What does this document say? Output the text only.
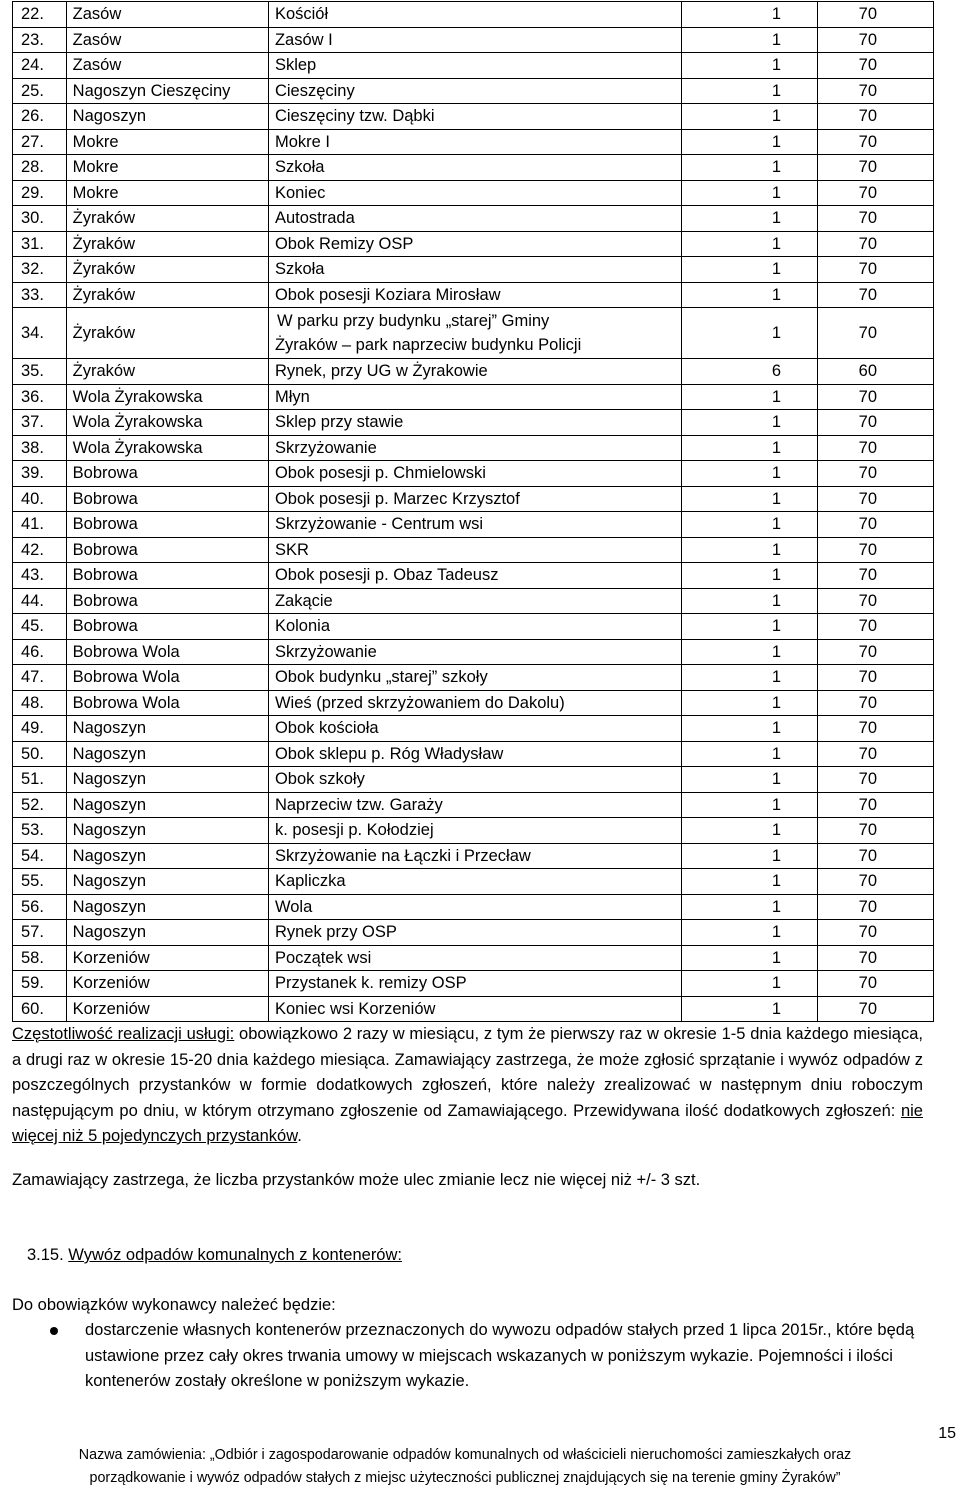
22.	Zasów	Kościół	1	70
23.	Zasów	Zasów I	1	70
24.	Zasów	Sklep	1	70
25.	Nagoszyn Cieszęciny	Cieszęciny	1	70
26.	Nagoszyn	Cieszęciny tzw. Dąbki	1	70
27.	Mokre	Mokre I	1	70
28.	Mokre	Szkoła	1	70
29.	Mokre	Koniec	1	70
30.	Żyraków	Autostrada	1	70
31.	Żyraków	Obok Remizy OSP	1	70
32.	Żyraków	Szkoła	1	70
33.	Żyraków	Obok posesji Koziara Mirosław	1	70
34.	Żyraków	W parku przy budynku „starej” Gminy
Żyraków – park naprzeciw budynku Policji	1	70
35.	Żyraków	Rynek, przy UG w Żyrakowie	6	60
36.	Wola Żyrakowska	Młyn	1	70
37.	Wola Żyrakowska	Sklep przy stawie	1	70
38.	Wola Żyrakowska	Skrzyżowanie	1	70
39.	Bobrowa	Obok posesji p. Chmielowski	1	70
40.	Bobrowa	Obok posesji p. Marzec Krzysztof	1	70
41.	Bobrowa	Skrzyżowanie - Centrum wsi	1	70
42.	Bobrowa	SKR	1	70
43.	Bobrowa	Obok posesji p. Obaz Tadeusz	1	70
44.	Bobrowa	Zakącie	1	70
45.	Bobrowa	Kolonia	1	70
46.	Bobrowa Wola	Skrzyżowanie	1	70
47.	Bobrowa Wola	Obok budynku „starej” szkoły	1	70
48.	Bobrowa Wola	Wieś (przed skrzyżowaniem do Dakolu)	1	70
49.	Nagoszyn	Obok kościoła	1	70
50.	Nagoszyn	Obok sklepu p. Róg Władysław	1	70
51.	Nagoszyn	Obok szkoły	1	70
52.	Nagoszyn	Naprzeciw tzw. Garaży	1	70
53.	Nagoszyn	k. posesji p. Kołodziej	1	70
54.	Nagoszyn	Skrzyżowanie na Łączki i Przecław	1	70
55.	Nagoszyn	Kapliczka	1	70
56.	Nagoszyn	Wola	1	70
57.	Nagoszyn	Rynek przy OSP	1	70
58.	Korzeniów	Początek wsi	1	70
59.	Korzeniów	Przystanek k. remizy OSP	1	70
60.	Korzeniów	Koniec wsi Korzeniów	1	70
Częstotliwość realizacji usługi: obowiązkowo 2 razy w miesiącu, z tym że pierwszy raz w okresie 1-5 dnia każdego miesiąca, a drugi raz w okresie 15-20 dnia każdego miesiąca. Zamawiający zastrzega, że może zgłosić sprzątanie i wywóz odpadów z poszczególnych przystanków w formie dodatkowych zgłoszeń, które należy zrealizować w następnym dniu roboczym następującym po dniu, w którym otrzymano zgłoszenie od Zamawiającego. Przewidywana ilość dodatkowych zgłoszeń: nie więcej niż 5 pojedynczych przystanków.
Zamawiający zastrzega, że liczba przystanków może ulec zmianie lecz nie więcej niż +/- 3 szt.
3.15. Wywóz odpadów komunalnych z kontenerów:
Do obowiązków wykonawcy należeć będzie:
dostarczenie własnych kontenerów przeznaczonych do wywozu odpadów stałych przed 1 lipca 2015r., które będą ustawione przez cały okres trwania umowy w miejscach wskazanych w poniższym wykazie. Pojemności i ilości kontenerów zostały określone w poniższym wykazie.
15
Nazwa zamówienia: „Odbiór i zagospodarowanie odpadów komunalnych od właścicieli nieruchomości zamieszkałych oraz
porządkowanie i wywóz odpadów stałych z miejsc użyteczności publicznej znajdujących się na terenie gminy Żyraków”
